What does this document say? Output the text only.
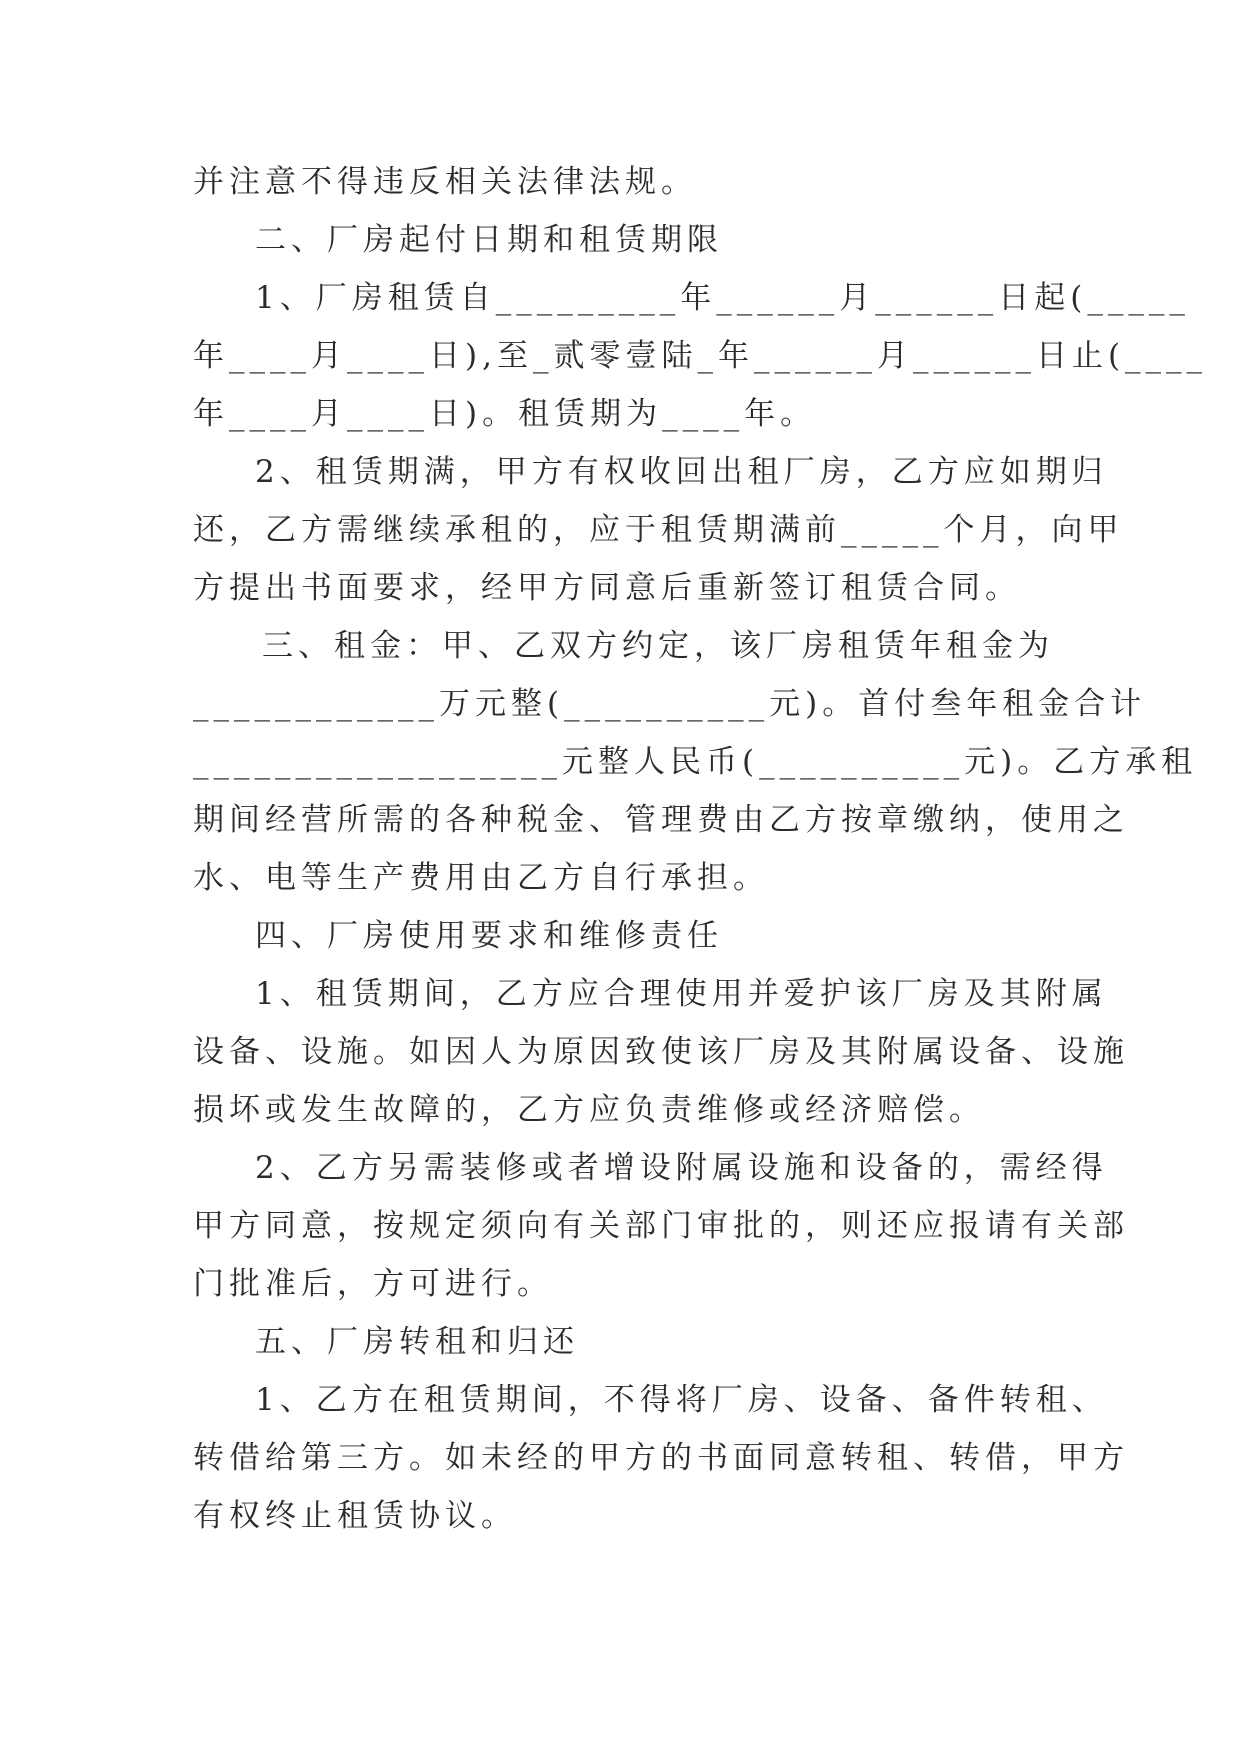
并注意不得违反相关法律法规。

二、厂房起付日期和租赁期限

1、厂房租赁自_________年______月______日起(_____

年____月____日),至_贰零壹陆_年______月______日止(____

年____月____日)。租赁期为____年。

2、租赁期满，甲方有权收回出租厂房，乙方应如期归

还，乙方需继续承租的，应于租赁期满前_____个月，向甲

方提出书面要求，经甲方同意后重新签订租赁合同。

三、租金：甲、乙双方约定，该厂房租赁年租金为

____________万元整(__________元)。首付叁年租金合计

__________________元整人民币(__________元)。乙方承租

期间经营所需的各种税金、管理费由乙方按章缴纳，使用之

水、电等生产费用由乙方自行承担。

四、厂房使用要求和维修责任

1、租赁期间，乙方应合理使用并爱护该厂房及其附属

设备、设施。如因人为原因致使该厂房及其附属设备、设施

损坏或发生故障的，乙方应负责维修或经济赔偿。

2、乙方另需装修或者增设附属设施和设备的，需经得

甲方同意，按规定须向有关部门审批的，则还应报请有关部

门批准后，方可进行。

五、厂房转租和归还

1、乙方在租赁期间，不得将厂房、设备、备件转租、

转借给第三方。如未经的甲方的书面同意转租、转借，甲方

有权终止租赁协议。
